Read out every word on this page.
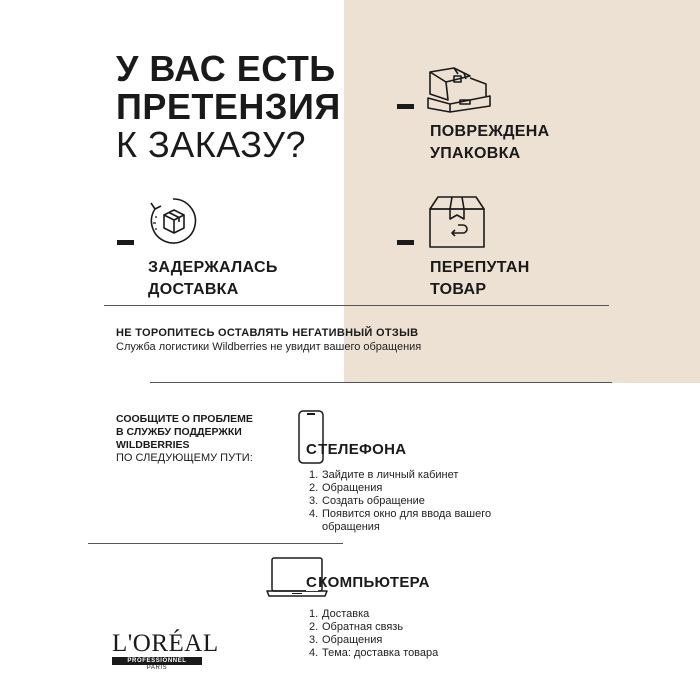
У ВАС ЕСТЬ
ПРЕТЕНЗИЯ
К ЗАКАЗУ?	ПОВРЕЖДЕНА
УПАКОВКА
ЗАДЕРЖАЛАСЬ
ДОСТАВКА
ПЕРЕПУТАН
ТОВАР
НЕ ТОРОПИТЕСЬ ОСТАВЛЯТЬ НЕГАТИВНЫЙ ОТЗЫВ
Служба логистики Wildberries не увидит вашего обращения
СООБЩИТЕ О ПРОБЛЕМЕ
В СЛУЖБУ ПОДДЕРЖКИ
WILDBERRIES
ПО СЛЕДУЮЩЕМУ ПУТИ:	СТЕЛЕФОНА
1. Зайдите в личный кабинет
2. Обращения
3. Создать обращение
4. Появится окно для ввода вашего обращения
СКОМПЬЮТЕРА
1. Доставка
2. Обратная связь
3. Обращения
4. Тема: доставка товара
L'ORÉAL
PROFESSIONNEL
PARIS
